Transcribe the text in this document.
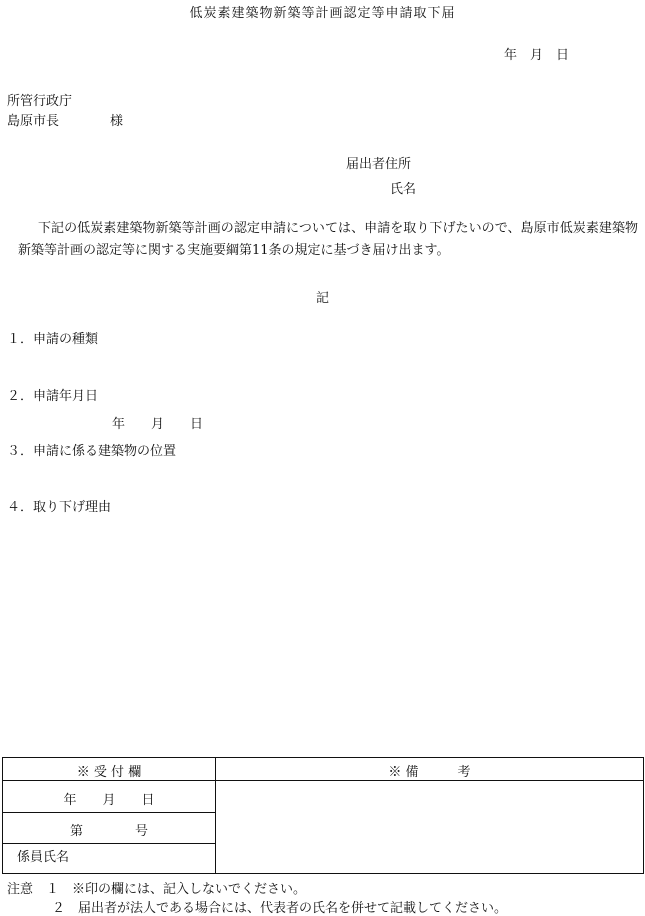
低炭素建築物新築等計画認定等申請取下届
年　月　日
所管行政庁
島原市長	様
届出者住所
氏名
下記の低炭素建築物新築等計画の認定申請については、申請を取り下げたいので、島原市低炭素建築物新築等計画の認定等に関する実施要綱第11条の規定に基づき届け出ます。
記
１．申請の種類
２．申請年月日
年　　月　　日
３．申請に係る建築物の位置
４．取り下げ理由
※ 受 付 欄	※ 備　　　考
年　　月　　日
第　　　　号
係員氏名
注意　１　※印の欄には、記入しないでください。
２　届出者が法人である場合には、代表者の氏名を併せて記載してください。
